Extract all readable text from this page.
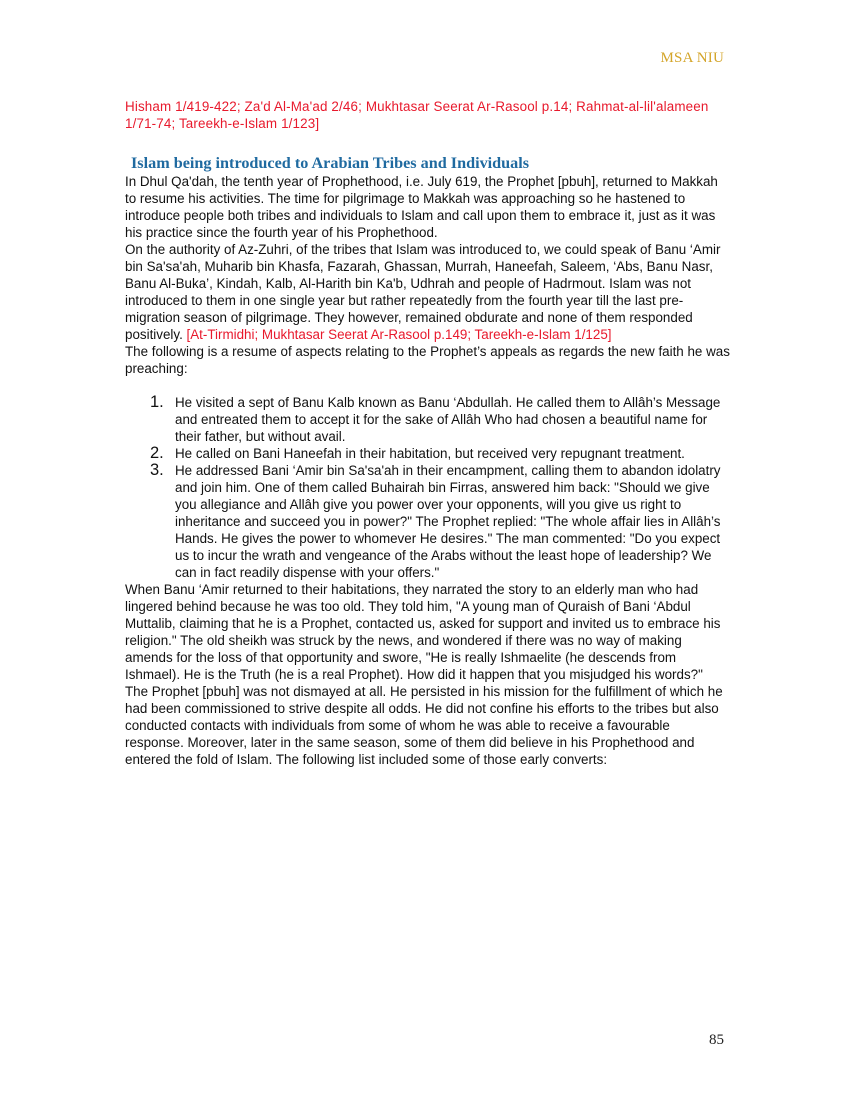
MSA NIU

Hisham 1/419-422; Za'd Al-Ma'ad 2/46; Mukhtasar Seerat Ar-Rasool p.14; Rahmat-al-lil'alameen 1/71-74; Tareekh-e-Islam 1/123]

Islam being introduced to Arabian Tribes and Individuals

In Dhul Qa'dah, the tenth year of Prophethood, i.e. July 619, the Prophet [pbuh], returned to Makkah to resume his activities. The time for pilgrimage to Makkah was approaching so he hastened to introduce people both tribes and individuals to Islam and call upon them to embrace it, just as it was his practice since the fourth year of his Prophethood.

On the authority of Az-Zuhri, of the tribes that Islam was introduced to, we could speak of Banu ‘Amir bin Sa'sa'ah, Muharib bin Khasfa, Fazarah, Ghassan, Murrah, Haneefah, Saleem, ‘Abs, Banu Nasr, Banu Al-Buka’, Kindah, Kalb, Al-Harith bin Ka'b, Udhrah and people of Hadrmout. Islam was not introduced to them in one single year but rather repeatedly from the fourth year till the last pre-migration season of pilgrimage. They however, remained obdurate and none of them responded positively. [At-Tirmidhi; Mukhtasar Seerat Ar-Rasool p.149; Tareekh-e-Islam 1/125]

The following is a resume of aspects relating to the Prophet’s appeals as regards the new faith he was preaching:

1. He visited a sept of Banu Kalb known as Banu ‘Abdullah. He called them to Allâh’s Message and entreated them to accept it for the sake of Allâh Who had chosen a beautiful name for their father, but without avail.
2. He called on Bani Haneefah in their habitation, but received very repugnant treatment.
3. He addressed Bani ‘Amir bin Sa'sa'ah in their encampment, calling them to abandon idolatry and join him. One of them called Buhairah bin Firras, answered him back: "Should we give you allegiance and Allâh give you power over your opponents, will you give us right to inheritance and succeed you in power?" The Prophet replied: "The whole affair lies in Allâh’s Hands. He gives the power to whomever He desires." The man commented: "Do you expect us to incur the wrath and vengeance of the Arabs without the least hope of leadership? We can in fact readily dispense with your offers."

When Banu ‘Amir returned to their habitations, they narrated the story to an elderly man who had lingered behind because he was too old. They told him, "A young man of Quraish of Bani ‘Abdul Muttalib, claiming that he is a Prophet, contacted us, asked for support and invited us to embrace his religion." The old sheikh was struck by the news, and wondered if there was no way of making amends for the loss of that opportunity and swore, "He is really Ishmaelite (he descends from Ishmael). He is the Truth (he is a real Prophet). How did it happen that you misjudged his words?"

The Prophet [pbuh] was not dismayed at all. He persisted in his mission for the fulfillment of which he had been commissioned to strive despite all odds. He did not confine his efforts to the tribes but also conducted contacts with individuals from some of whom he was able to receive a favourable response. Moreover, later in the same season, some of them did believe in his Prophethood and entered the fold of Islam. The following list included some of those early converts:

85
